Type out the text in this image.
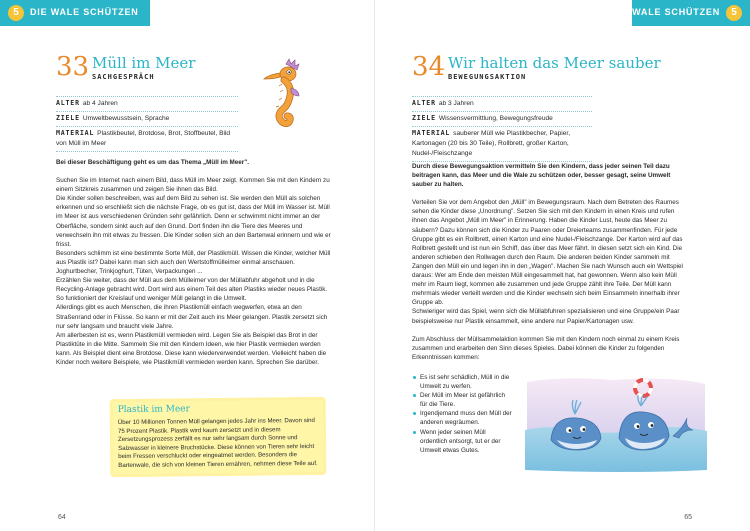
5	DIE WALE SCHÜTZEN
33 Müll im Meer
SACHGESPRÄCH
ALTER ab 4 Jahren
ZIELE Umweltbewusstsein, Sprache
MATERIAL Plastikbeutel, Brotdose, Brot, Stoffbeutel, Bild von Müll im Meer

Bei dieser Beschäftigung geht es um das Thema „Müll im Meer".

Suchen Sie im Internet nach einem Bild, dass Müll im Meer zeigt. Kommen Sie mit den Kindern zu einem Sitzkreis zusammen und zeigen Sie ihnen das Bild.

Die Kinder sollen beschreiben, was auf dem Bild zu sehen ist. Sie werden den Müll als solchen erkennen und so erschließt sich die nächste Frage, ob es gut ist, dass der Müll im Wasser ist. Müll im Meer ist aus verschiedenen Gründen sehr gefährlich. Denn er schwimmt nicht immer an der Oberfläche, sondern sinkt auch auf den Grund. Dort finden ihn die Tiere des Meeres und verwechseln ihn mit etwas zu fressen. Die Kinder sollen sich an den Bartenwal erinnern und wie er frisst.

Besonders schlimm ist eine bestimmte Sorte Müll, der Plastikmüll. Wissen die Kinder, welcher Müll aus Plastik ist? Dabei kann man sich auch den Wertstoffmülleimer einmal anschauen. Joghurtbecher, Trinkjoghurt, Tüten, Verpackungen ...

Erzählen Sie weiter, dass der Müll aus dem Mülleimer von der Müllabfuhr abgeholt und in die Recycling-Anlage gebracht wird. Dort wird aus einem Teil des alten Plastiks wieder neues Plastik. So funktioniert der Kreislauf und weniger Müll gelangt in die Umwelt.

Allerdings gibt es auch Menschen, die ihren Plastikmüll einfach wegwerfen, etwa an den Straßenrand oder in Flüsse. So kann er mit der Zeit auch ins Meer gelangen. Plastik zersetzt sich nur sehr langsam und braucht viele Jahre.

Am allerbesten ist es, wenn Plastikmüll vermieden wird. Legen Sie als Beispiel das Brot in der Plastiktüte in die Mitte. Sammeln Sie mit den Kindern Ideen, wie hier Plastik vermieden werden kann. Als Beispiel dient eine Brotdose. Diese kann wiederverwendet werden. Vielleicht haben die Kinder noch weitere Beispiele, wie Plastikmüll vermieden werden kann. Sprechen Sie darüber.

Plastik im Meer
Über 10 Millionen Tonnen Müll gelangen jedes Jahr ins Meer. Davon sind 75 Prozent Plastik. Plastik wird kaum zersetzt und in diesem Zersetzungsprozess zerfällt es nur sehr langsam durch Sonne und Salzwasser in kleinere Bruchstücke. Diese können von Tieren sehr leicht beim Fressen verschluckt oder eingeatmet werden. Besonders die Bartenwale, die sich von kleinen Tieren ernähren, nehmen diese Teile auf.
64
DIE WALE SCHÜTZEN	5
34 Wir halten das Meer sauber
BEWEGUNGSAKTION
ALTER ab 3 Jahren
ZIELE Wissensvermittlung, Bewegungsfreude
MATERIAL sauberer Müll wie Plastikbecher, Papier, Kartonagen (20 bis 30 Teile), Rollbrett, großer Karton, Nudel-/Fleischzange

Durch diese Bewegungsaktion vermitteln Sie den Kindern, dass jeder seinen Teil dazu beitragen kann, das Meer und die Wale zu schützen oder, besser gesagt, seine Umwelt sauber zu halten.

Verteilen Sie vor dem Angebot den „Müll" im Bewegungsraum. Nach dem Betreten des Raumes sehen die Kinder diese „Unordnung". Setzen Sie sich mit den Kindern in einen Kreis und rufen ihnen das Angebot „Müll im Meer" in Erinnerung. Haben die Kinder Lust, heute das Meer zu säubern? Dazu können sich die Kinder zu Paaren oder Dreierteams zusammenfinden. Für jede Gruppe gibt es ein Rollbrett, einen Karton und eine Nudel-/Fleischzange. Der Karton wird auf das Rollbrett gestellt und ist nun ein Schiff, das über das Meer fährt. In diesen setzt sich ein Kind. Die anderen schieben den Rollwagen durch den Raum. Die anderen beiden Kinder sammeln mit Zangen den Müll ein und legen ihn in den „Wagen". Machen Sie nach Wunsch auch ein Wettspiel daraus: Wer am Ende den meisten Müll eingesammelt hat, hat gewonnen. Wenn also kein Müll mehr im Raum liegt, kommen alle zusammen und jede Gruppe zählt ihre Teile. Der Müll kann mehrmals wieder verteilt werden und die Kinder wechseln sich beim Einsammeln innerhalb ihrer Gruppe ab.

Schwieriger wird das Spiel, wenn sich die Müllabfuhren spezialisieren und eine Gruppe/ein Paar beispielsweise nur Plastik einsammelt, eine andere nur Papier/Kartonagen usw.

Zum Abschluss der Müllsammelaktion kommen Sie mit den Kindern noch einmal zu einem Kreis zusammen und erarbeiten den Sinn dieses Spieles. Dabei können die Kinder zu folgenden Erkenntnissen kommen:

Es ist sehr schädlich, Müll in die Umwelt zu werfen.
Der Müll im Meer ist gefährlich für die Tiere.
Irgendjemand muss den Müll der anderen wegräumen.
Wenn jeder seinen Müll ordentlich entsorgt, tut er der Umwelt etwas Gutes.
65
